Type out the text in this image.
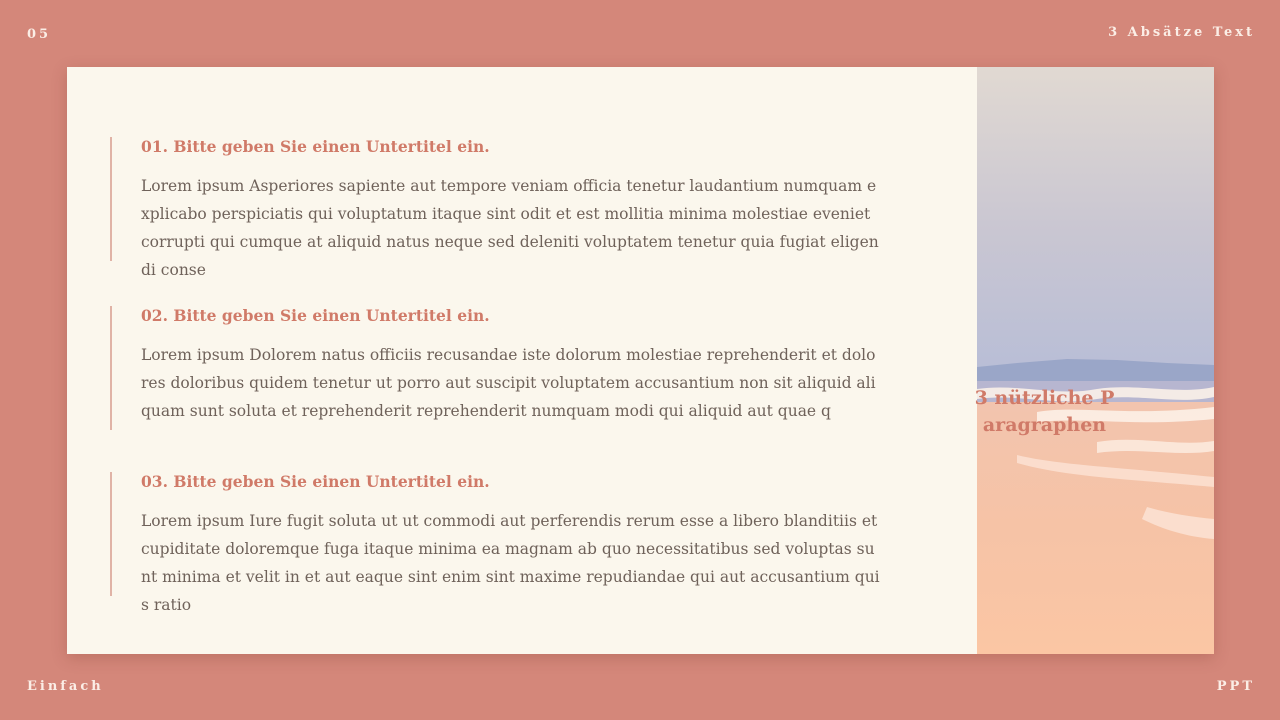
05	3 Absätze Text
Einfach	PPT
01. Bitte geben Sie einen Untertitel ein.
Lorem ipsum Asperiores sapiente aut tempore veniam officia tenetur laudantium numquam explicabo perspiciatis qui voluptatum itaque sint odit et est mollitia minima molestiae eveniet corrupti qui cumque at aliquid natus neque sed deleniti voluptatem tenetur quia fugiat eligendi conse
02. Bitte geben Sie einen Untertitel ein.
Lorem ipsum Dolorem natus officiis recusandae iste dolorum molestiae reprehenderit et dolores doloribus quidem tenetur ut porro aut suscipit voluptatem accusantium non sit aliquid aliquam sunt soluta et reprehenderit reprehenderit numquam modi qui aliquid aut quae q
03. Bitte geben Sie einen Untertitel ein.
Lorem ipsum Iure fugit soluta ut ut commodi aut perferendis rerum esse a libero blanditiis et cupiditate doloremque fuga itaque minima ea magnam ab quo necessitatibus sed voluptas sunt minima et velit in et aut eaque sint enim sint maxime repudiandae qui aut accusantium quis ratio
3 nützliche Paragraphen
